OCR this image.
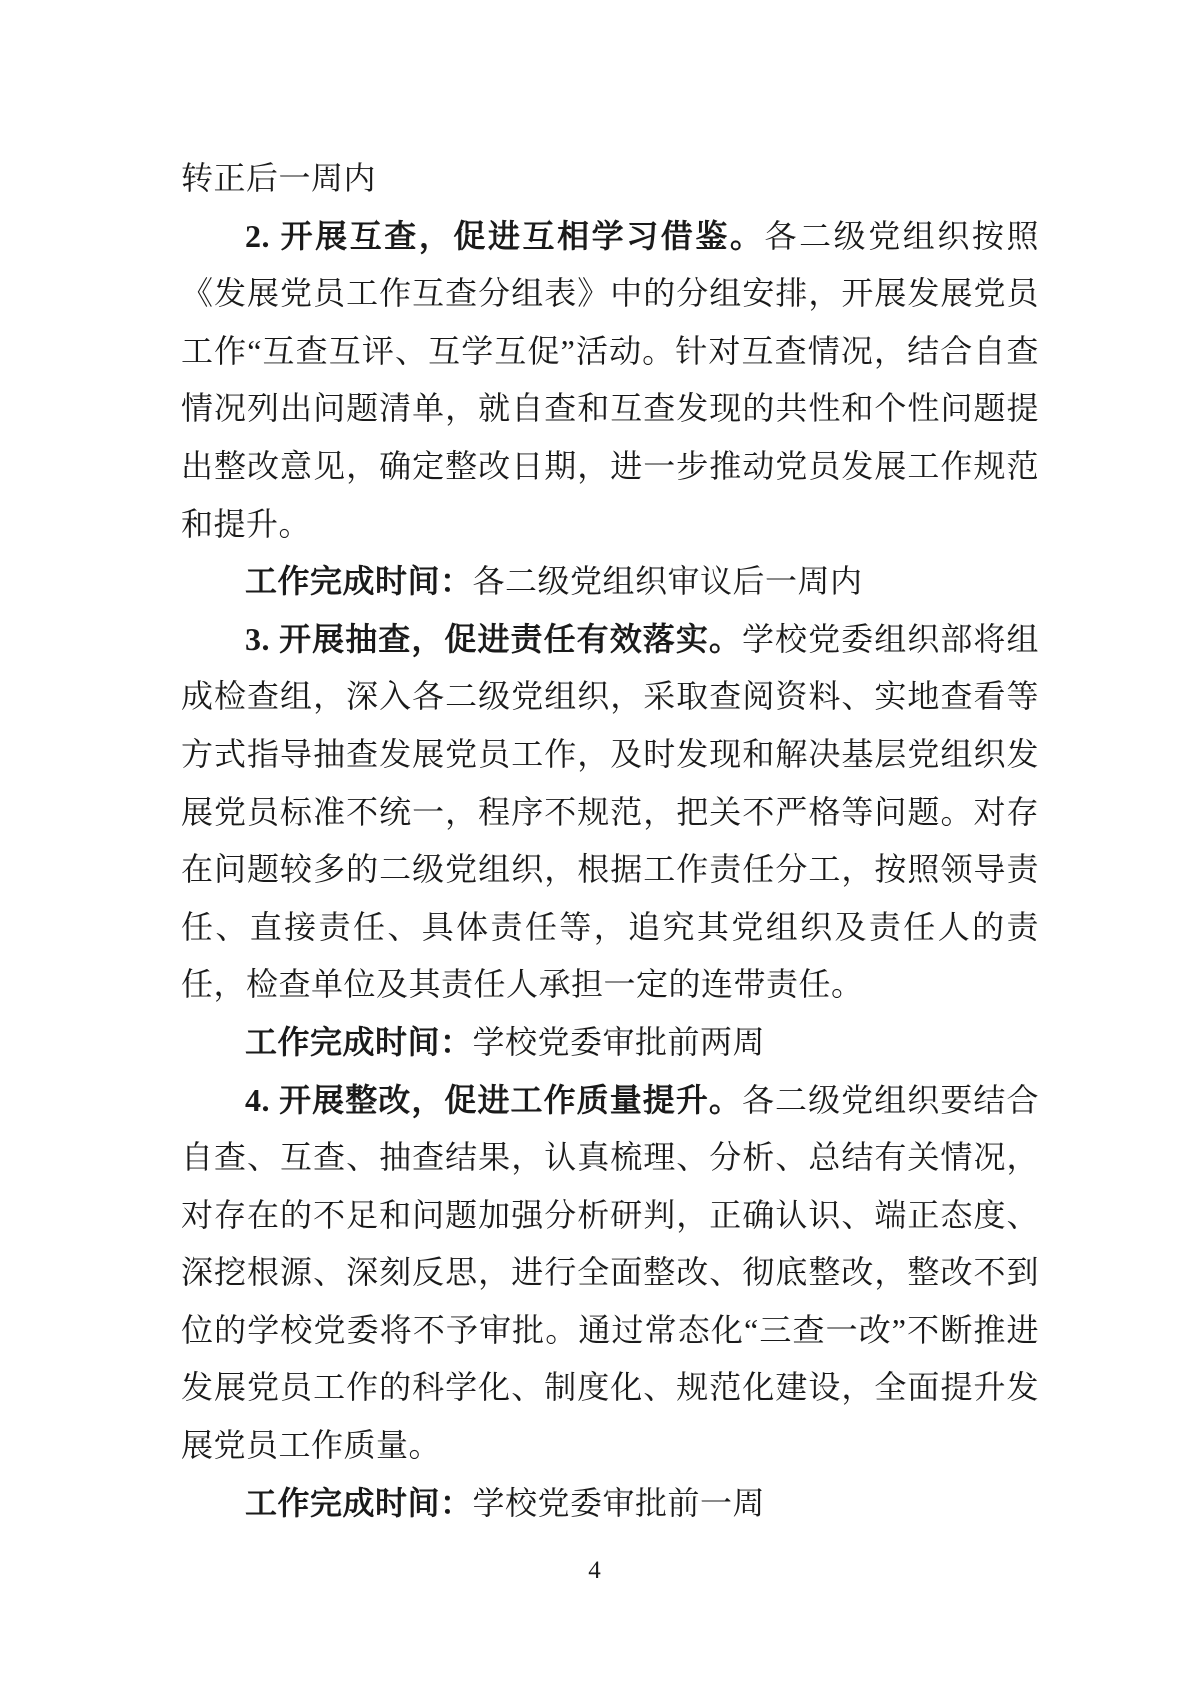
转正后一周内

2. 开展互查，促进互相学习借鉴。各二级党组织按照《发展党员工作互查分组表》中的分组安排，开展发展党员工作“互查互评、互学互促”活动。针对互查情况，结合自查情况列出问题清单，就自查和互查发现的共性和个性问题提出整改意见，确定整改日期，进一步推动党员发展工作规范和提升。

工作完成时间：各二级党组织审议后一周内

3. 开展抽查，促进责任有效落实。学校党委组织部将组成检查组，深入各二级党组织，采取查阅资料、实地查看等方式指导抽查发展党员工作，及时发现和解决基层党组织发展党员标准不统一，程序不规范，把关不严格等问题。对存在问题较多的二级党组织，根据工作责任分工，按照领导责任、直接责任、具体责任等，追究其党组织及责任人的责任，检查单位及其责任人承担一定的连带责任。

工作完成时间：学校党委审批前两周

4. 开展整改，促进工作质量提升。各二级党组织要结合自查、互查、抽查结果，认真梳理、分析、总结有关情况，对存在的不足和问题加强分析研判，正确认识、端正态度、深挖根源、深刻反思，进行全面整改、彻底整改，整改不到位的学校党委将不予审批。通过常态化“三查一改”不断推进发展党员工作的科学化、制度化、规范化建设，全面提升发展党员工作质量。

工作完成时间：学校党委审批前一周

4
